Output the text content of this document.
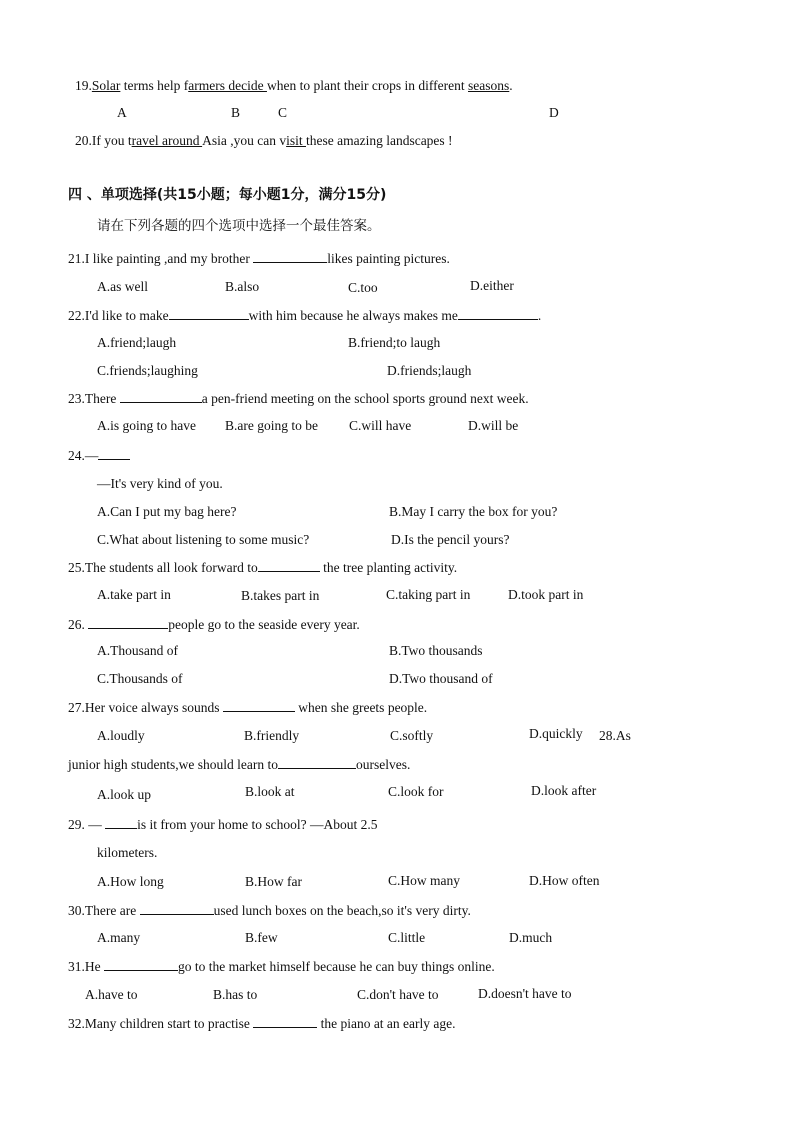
19.Solar terms help farmers decide when to plant their crops in different seasons.
A	B	C	D
20.If you travel around Asia ,you can visit these amazing landscapes !
四 、单项选择(共15小题；每小题1分，满分15分)
请在下列各题的四个选项中选择一个最佳答案。
21.I like painting ,and my brother	likes painting pictures.
A.as well	B.also	C.too	D.either
22.I'd like to make	with him because he always makes me	.
A.friend;laugh	B.friend;to laugh
C.friends;laughing	D.friends;laugh
23.There	a pen-friend meeting on the school sports ground next week.
A.is going to have B.are going to be C.will have	D.will be
24.—
—It's very kind of you.
A.Can I put my bag here?	B.May I carry the box for you?
C.What about listening to some music?	D.Is the pencil yours?
25.The students all look forward to	the tree planting activity.
A.take part in	B.takes part in	C.taking part in	D.took part in
26.	people go to the seaside every year.
A.Thousand of	B.Two thousands
C.Thousands of	D.Two thousand of
27.Her voice always sounds	when she greets people.
A.loudly	B.friendly	C.softly	D.quickly 28.As
junior high students,we should learn to	ourselves.
A.look up	B.look at	C.look for	D.look after
29. — is it from your home to school? —About 2.5
kilometers.
A.How long	B.How far	C.How many	D.How often
30.There are	used lunch boxes on the beach,so it's very dirty.
A.many	B.few	C.little	D.much
31.He	go to the market himself because he can buy things online.
A.have to	B.has to	C.don't have to	D.doesn't have to
32.Many children start to practise	the piano at an early age.
